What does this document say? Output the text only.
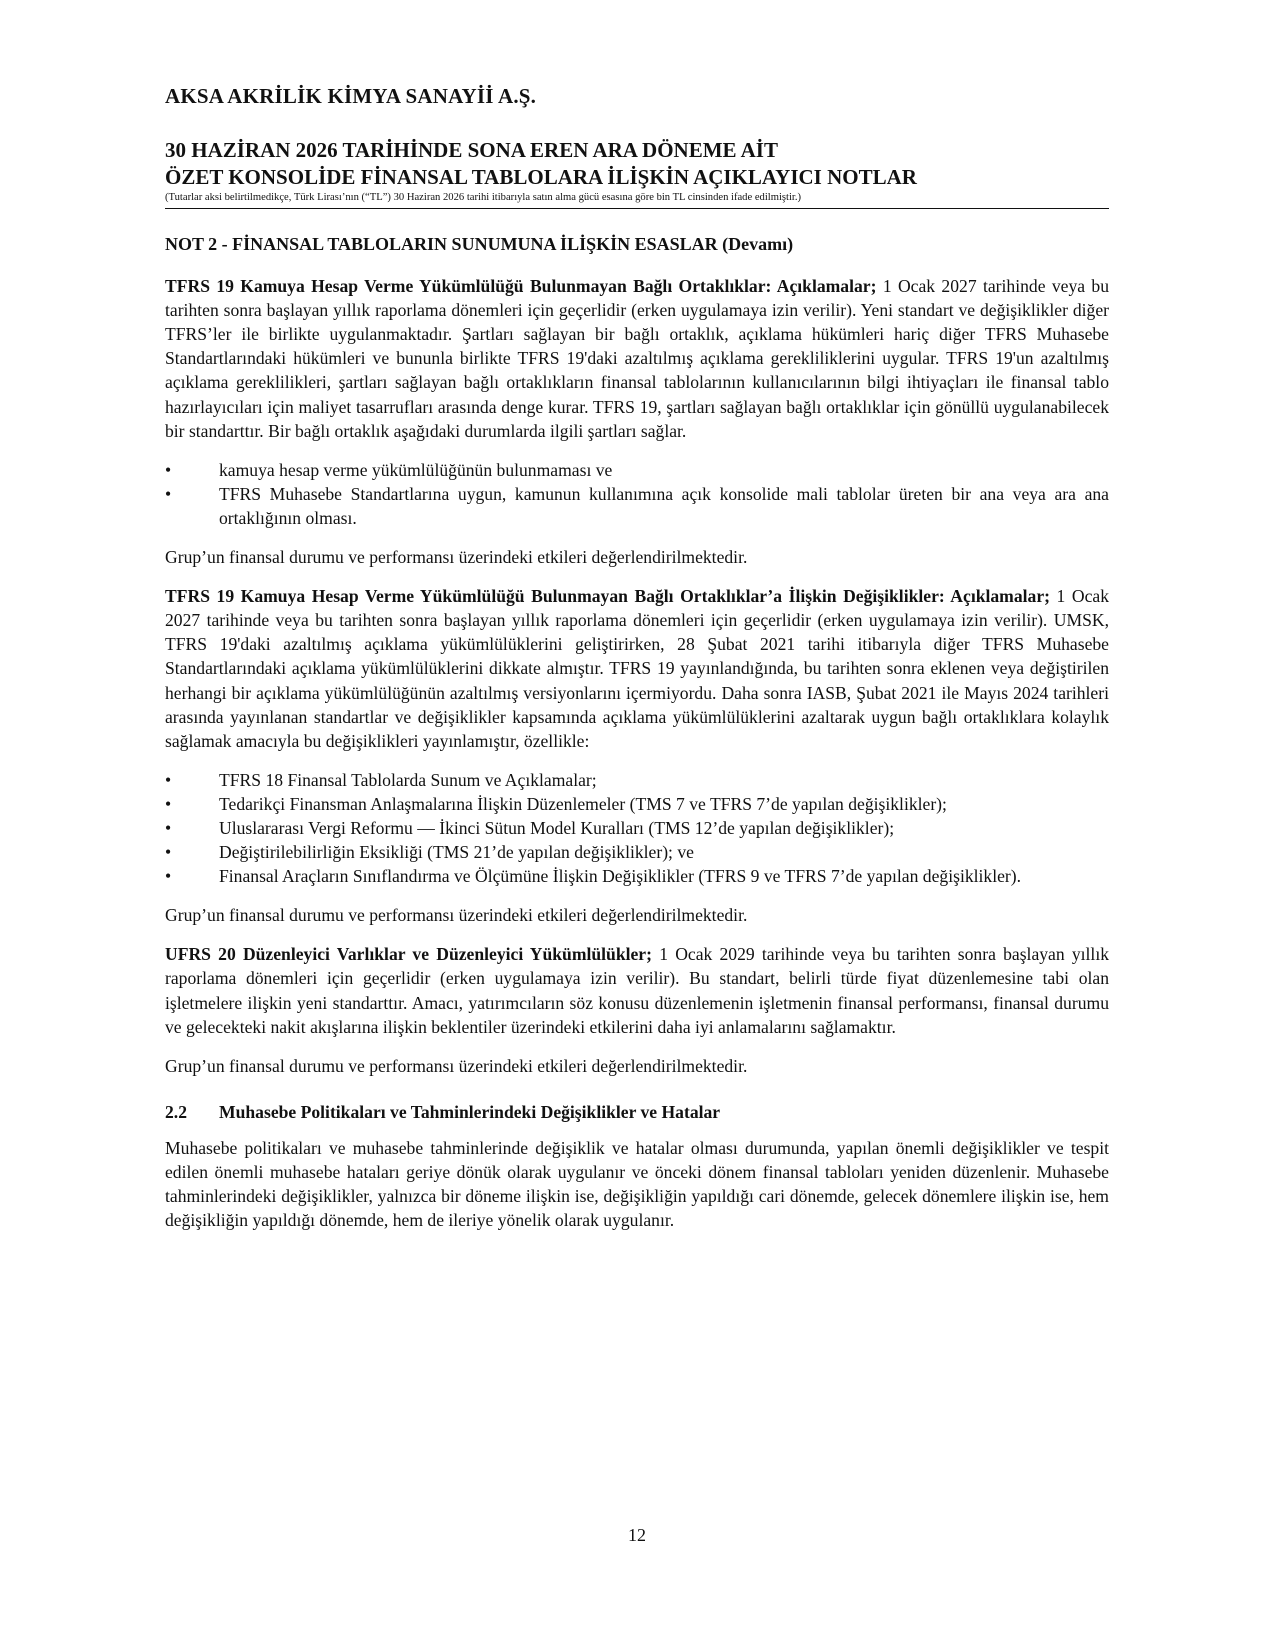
AKSA AKRİLİK KİMYA SANAYİİ A.Ş.
30 HAZİRAN 2026 TARİHİNDE SONA EREN ARA DÖNEME AİT
ÖZET KONSOLİDE FİNANSAL TABLOLARA İLİŞKİN AÇIKLAYICI NOTLAR
(Tutarlar aksi belirtilmedikçe, Türk Lirası’nın (“TL”) 30 Haziran 2026 tarihi itibarıyla satın alma gücü esasına göre bin TL cinsinden ifade edilmiştir.)
NOT 2 - FİNANSAL TABLOLARIN SUNUMUNA İLİŞKİN ESASLAR (Devamı)

TFRS 19 Kamuya Hesap Verme Yükümlülüğü Bulunmayan Bağlı Ortaklıklar: Açıklamalar; 1 Ocak 2027 tarihinde veya bu tarihten sonra başlayan yıllık raporlama dönemleri için geçerlidir (erken uygulamaya izin verilir). Yeni standart ve değişiklikler diğer TFRS’ler ile birlikte uygulanmaktadır. Şartları sağlayan bir bağlı ortaklık, açıklama hükümleri hariç diğer TFRS Muhasebe Standartlarındaki hükümleri ve bununla birlikte TFRS 19'daki azaltılmış açıklama gerekliliklerini uygular. TFRS 19'un azaltılmış açıklama gereklilikleri, şartları sağlayan bağlı ortaklıkların finansal tablolarının kullanıcılarının bilgi ihtiyaçları ile finansal tablo hazırlayıcıları için maliyet tasarrufları arasında denge kurar. TFRS 19, şartları sağlayan bağlı ortaklıklar için gönüllü uygulanabilecek bir standarttır. Bir bağlı ortaklık aşağıdaki durumlarda ilgili şartları sağlar.

•	kamuya hesap verme yükümlülüğünün bulunmaması ve
•	TFRS Muhasebe Standartlarına uygun, kamunun kullanımına açık konsolide mali tablolar üreten bir ana veya ara ana ortaklığının olması.

Grup’un finansal durumu ve performansı üzerindeki etkileri değerlendirilmektedir.

TFRS 19 Kamuya Hesap Verme Yükümlülüğü Bulunmayan Bağlı Ortaklıklar’a İlişkin Değişiklikler: Açıklamalar; 1 Ocak 2027 tarihinde veya bu tarihten sonra başlayan yıllık raporlama dönemleri için geçerlidir (erken uygulamaya izin verilir). UMSK, TFRS 19'daki azaltılmış açıklama yükümlülüklerini geliştirirken, 28 Şubat 2021 tarihi itibarıyla diğer TFRS Muhasebe Standartlarındaki açıklama yükümlülüklerini dikkate almıştır. TFRS 19 yayınlandığında, bu tarihten sonra eklenen veya değiştirilen herhangi bir açıklama yükümlülüğünün azaltılmış versiyonlarını içermiyordu. Daha sonra IASB, Şubat 2021 ile Mayıs 2024 tarihleri arasında yayınlanan standartlar ve değişiklikler kapsamında açıklama yükümlülüklerini azaltarak uygun bağlı ortaklıklara kolaylık sağlamak amacıyla bu değişiklikleri yayınlamıştır, özellikle:

•	TFRS 18 Finansal Tablolarda Sunum ve Açıklamalar;
•	Tedarikçi Finansman Anlaşmalarına İlişkin Düzenlemeler (TMS 7 ve TFRS 7’de yapılan değişiklikler);
•	Uluslararası Vergi Reformu — İkinci Sütun Model Kuralları (TMS 12’de yapılan değişiklikler);
•	Değiştirilebilirliğin Eksikliği (TMS 21’de yapılan değişiklikler); ve
•	Finansal Araçların Sınıflandırma ve Ölçümüne İlişkin Değişiklikler (TFRS 9 ve TFRS 7’de yapılan değişiklikler).

Grup’un finansal durumu ve performansı üzerindeki etkileri değerlendirilmektedir.

UFRS 20 Düzenleyici Varlıklar ve Düzenleyici Yükümlülükler; 1 Ocak 2029 tarihinde veya bu tarihten sonra başlayan yıllık raporlama dönemleri için geçerlidir (erken uygulamaya izin verilir). Bu standart, belirli türde fiyat düzenlemesine tabi olan işletmelere ilişkin yeni standarttır. Amacı, yatırımcıların söz konusu düzenlemenin işletmenin finansal performansı, finansal durumu ve gelecekteki nakit akışlarına ilişkin beklentiler üzerindeki etkilerini daha iyi anlamalarını sağlamaktır.

Grup’un finansal durumu ve performansı üzerindeki etkileri değerlendirilmektedir.

2.2 Muhasebe Politikaları ve Tahminlerindeki Değişiklikler ve Hatalar

Muhasebe politikaları ve muhasebe tahminlerinde değişiklik ve hatalar olması durumunda, yapılan önemli değişiklikler ve tespit edilen önemli muhasebe hataları geriye dönük olarak uygulanır ve önceki dönem finansal tabloları yeniden düzenlenir. Muhasebe tahminlerindeki değişiklikler, yalnızca bir döneme ilişkin ise, değişikliğin yapıldığı cari dönemde, gelecek dönemlere ilişkin ise, hem değişikliğin yapıldığı dönemde, hem de ileriye yönelik olarak uygulanır.

12
